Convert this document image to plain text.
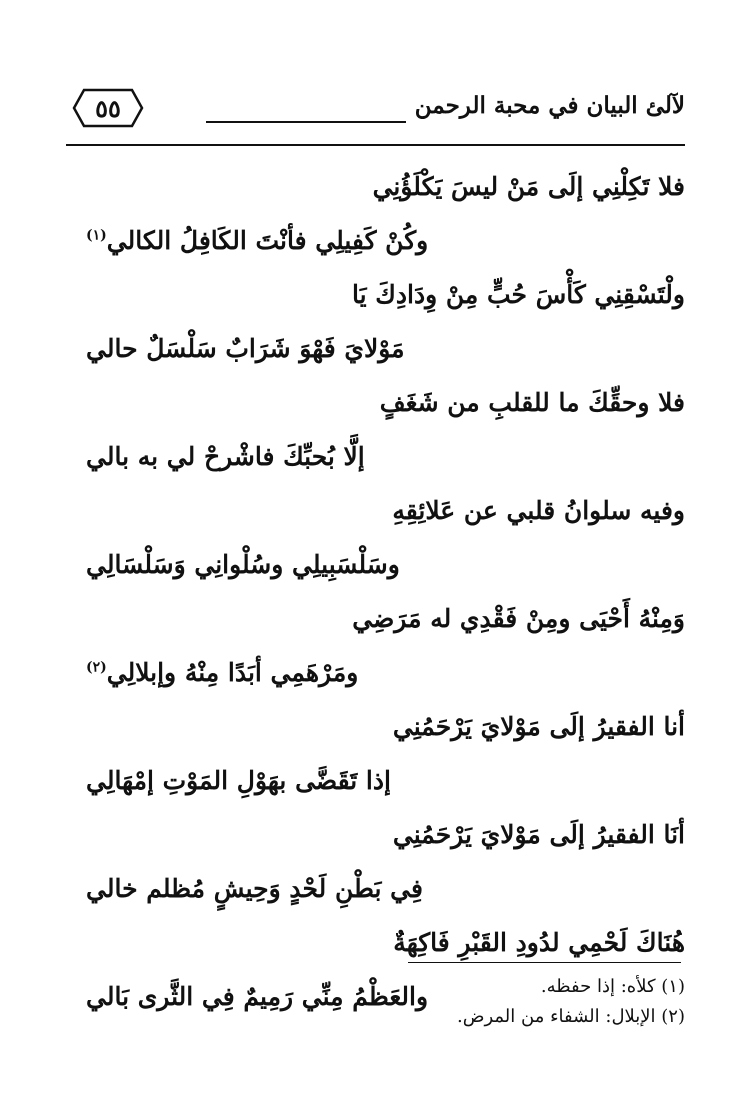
لآلئ البيان في محبة الرحمن
٥٥
فلا تَكِلْنِي إلَى مَنْ ليسَ يَكْلَؤُنِي
وكُنْ كَفِيلِي فأنْتَ الكَافِلُ الكالي$^{(١)}$
ولْتَسْقِنِي كَأْسَ حُبٍّ مِنْ وِدَادِكَ يَا
مَوْلايَ فَهْوَ شَرَابٌ سَلْسَلٌ حالي
فلا وحقِّكَ ما للقلبِ من شَغَفٍ
إلَّا بُحبِّكَ فاشْرحْ لي به بالي
وفيه سلوانُ قلبي عن عَلائِقِهِ
وسَلْسَبِيلِي وسُلْوانِي وَسَلْسَالِي
وَمِنْهُ أَحْيَى ومِنْ فَقْدِي له مَرَضِي
ومَرْهَمِي أبَدًا مِنْهُ وإبلالِي$^{(٢)}$
أنا الفقيرُ إلَى مَوْلايَ يَرْحَمُنِي
إذا تَقَضَّى بهَوْلِ المَوْتِ إمْهَالِي
أنَا الفقيرُ إلَى مَوْلايَ يَرْحَمُنِي
فِي بَطْنِ لَحْدٍ وَحِيشٍ مُظلم خالي
هُنَاكَ لَحْمِي لدُودِ القَبْرِ فَاكِهَةٌ
والعَظْمُ مِنِّي رَمِيمٌ فِي الثَّرى بَالي	(١) كلأه: إذا حفظه.
(٢) الإبلال: الشفاء من المرض.
